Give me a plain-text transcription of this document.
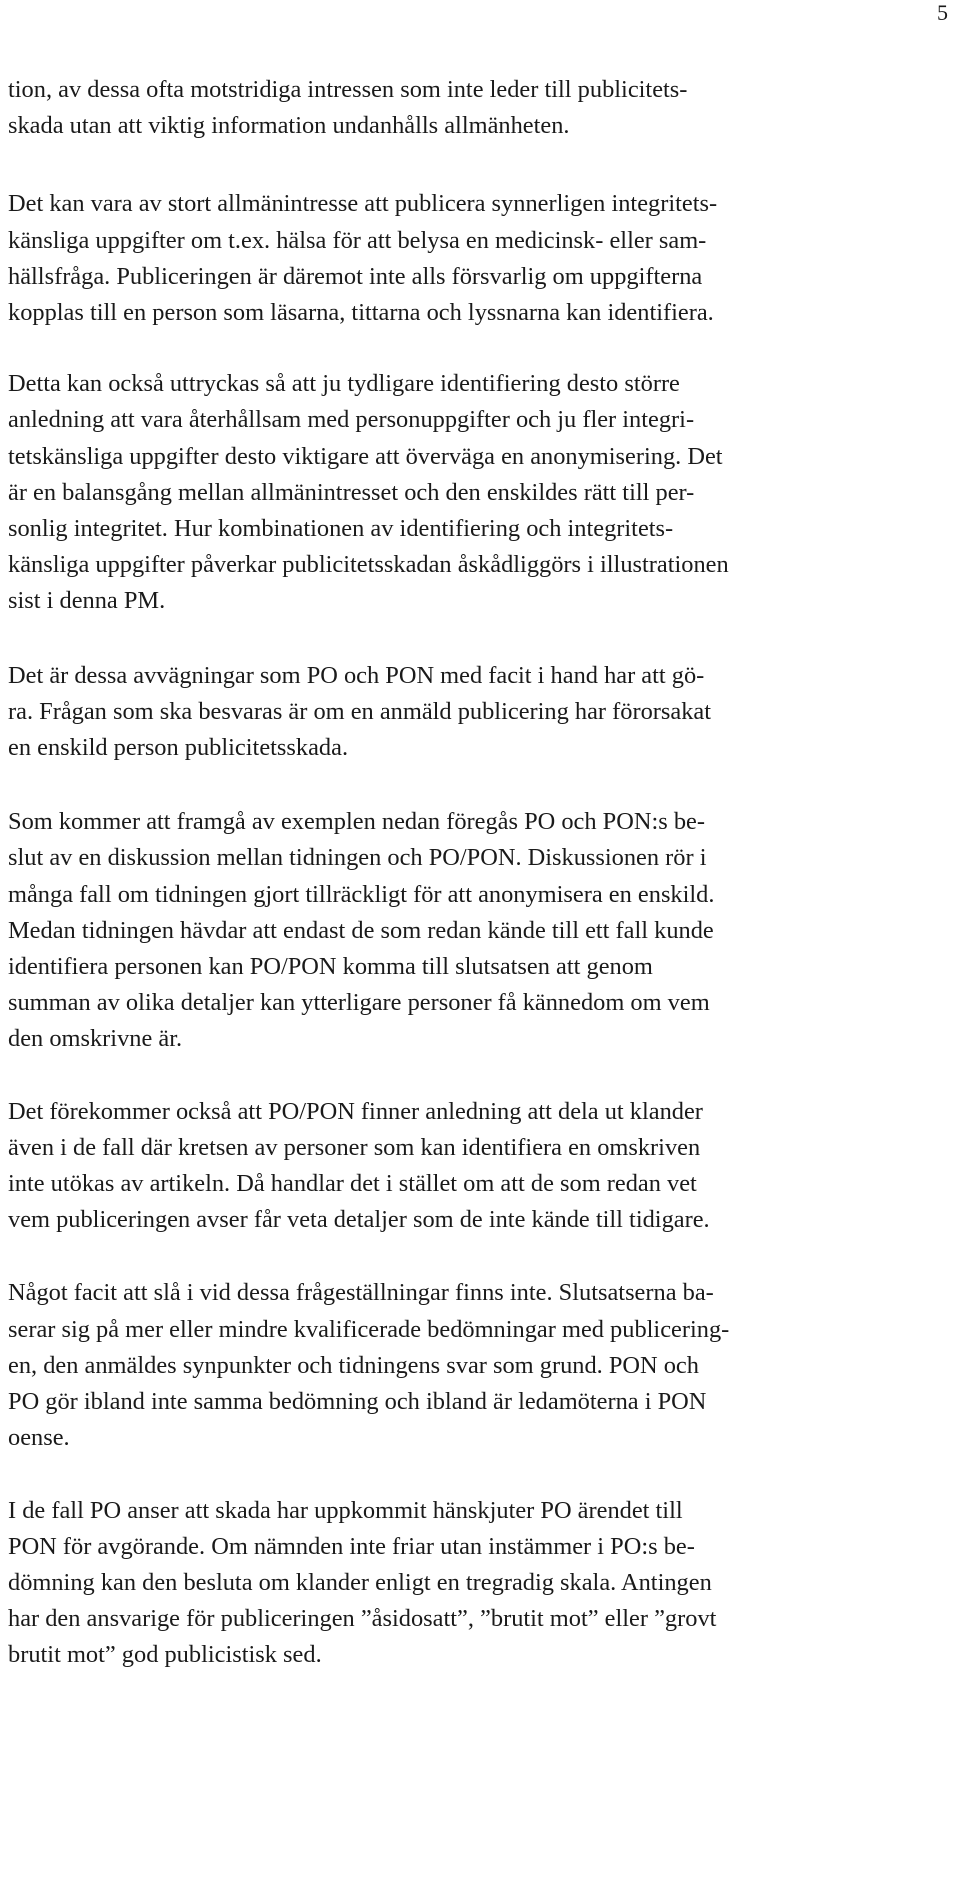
5

tion, av dessa ofta motstridiga intressen som inte leder till publicitets-
skada utan att viktig information undanhålls allmänheten.

Det kan vara av stort allmänintresse att publicera synnerligen integritets-
känsliga uppgifter om t.ex. hälsa för att belysa en medicinsk- eller sam-
hällsfråga. Publiceringen är däremot inte alls försvarlig om uppgifterna
kopplas till en person som läsarna, tittarna och lyssnarna kan identifiera.

Detta kan också uttryckas så att ju tydligare identifiering desto större
anledning att vara återhållsam med personuppgifter och ju fler integri-
tetskänsliga uppgifter desto viktigare att överväga en anonymisering. Det
är en balansgång mellan allmänintresset och den enskildes rätt till per-
sonlig integritet. Hur kombinationen av identifiering och integritets-
känsliga uppgifter påverkar publicitetsskadan åskådliggörs i illustrationen
sist i denna PM.

Det är dessa avvägningar som PO och PON med facit i hand har att gö-
ra. Frågan som ska besvaras är om en anmäld publicering har förorsakat
en enskild person publicitetsskada.

Som kommer att framgå av exemplen nedan föregås PO och PON:s be-
slut av en diskussion mellan tidningen och PO/PON. Diskussionen rör i
många fall om tidningen gjort tillräckligt för att anonymisera en enskild.
Medan tidningen hävdar att endast de som redan kände till ett fall kunde
identifiera personen kan PO/PON komma till slutsatsen att genom
summan av olika detaljer kan ytterligare personer få kännedom om vem
den omskrivne är.

Det förekommer också att PO/PON finner anledning att dela ut klander
även i de fall där kretsen av personer som kan identifiera en omskriven
inte utökas av artikeln. Då handlar det i stället om att de som redan vet
vem publiceringen avser får veta detaljer som de inte kände till tidigare.

Något facit att slå i vid dessa frågeställningar finns inte. Slutsatserna ba-
serar sig på mer eller mindre kvalificerade bedömningar med publicering-
en, den anmäldes synpunkter och tidningens svar som grund. PON och
PO gör ibland inte samma bedömning och ibland är ledamöterna i PON
oense.

I de fall PO anser att skada har uppkommit hänskjuter PO ärendet till
PON för avgörande. Om nämnden inte friar utan instämmer i PO:s be-
dömning kan den besluta om klander enligt en tregradig skala. Antingen
har den ansvarige för publiceringen ”åsidosatt”, ”brutit mot” eller ”grovt
brutit mot” god publicistisk sed.
